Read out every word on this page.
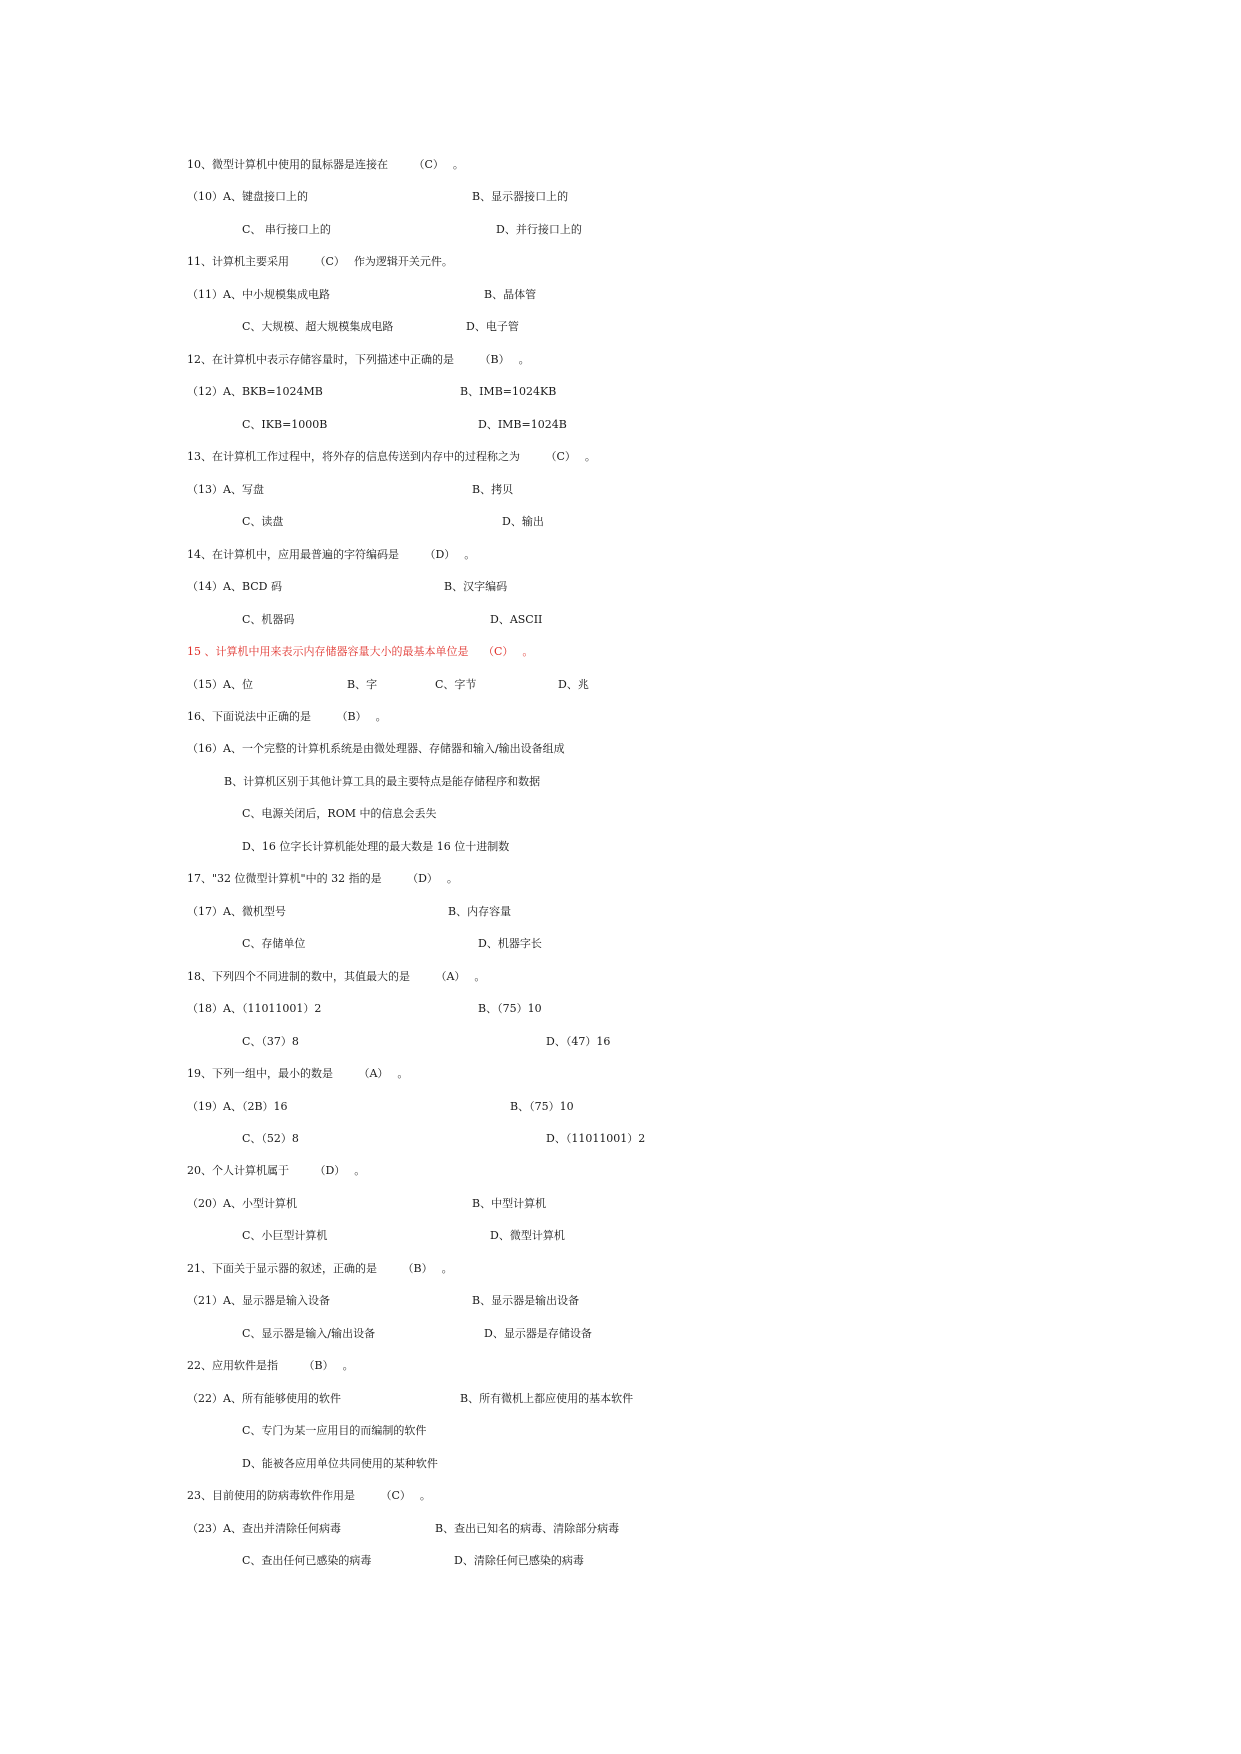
10、微型计算机中使用的鼠标器是连接在　　 （C）　 。
（10）A、键盘接口上的	B、显示器接口上的
C、 串行接口上的	D、并行接口上的
11、计算机主要采用　　 （C）　 作为逻辑开关元件。
（11）A、中小规模集成电路	B、晶体管
C、大规模、超大规模集成电路	D、电子管
12、在计算机中表示存储容量时，下列描述中正确的是　　 （B）　 。
（12）A、BKB=1024MB	B、IMB=1024KB
C、IKB=1000B	D、IMB=1024B
13、在计算机工作过程中，将外存的信息传送到内存中的过程称之为　　 （C）　 。
（13）A、写盘	B、拷贝
C、读盘	D、输出
14、在计算机中，应用最普遍的字符编码是　　 （D）　 。
（14）A、BCD 码	B、汉字编码
C、机器码	D、ASCII
15 、计算机中用来表示内存储器容量大小的最基本单位是　 （C）　 。
（15）A、位	B、字	C、字节	D、兆
16、下面说法中正确的是　　 （B）　 。
（16）A、一个完整的计算机系统是由微处理器、存储器和输入/输出设备组成
B、计算机区别于其他计算工具的最主要特点是能存储程序和数据
C、电源关闭后，ROM 中的信息会丢失
D、16 位字长计算机能处理的最大数是 16 位十进制数
17、"32 位微型计算机"中的 32 指的是　　 （D）　 。
（17）A、微机型号	B、内存容量
C、存储单位	D、机器字长
18、下列四个不同进制的数中，其值最大的是　　 （A）　 。
（18）A、（11011001）2	B、（75）10
C、（37）8	D、（47）16
19、下列一组中，最小的数是　　 （A）　 。
（19）A、（2B）16	B、（75）10
C、（52）8	D、（11011001）2
20、个人计算机属于　　 （D）　 。
（20）A、小型计算机	B、中型计算机
C、小巨型计算机	D、微型计算机
21、下面关于显示器的叙述，正确的是　　 （B）　 。
（21）A、显示器是输入设备	B、显示器是输出设备
C、显示器是输入/输出设备	D、显示器是存储设备
22、应用软件是指　　 （B）　 。
（22）A、所有能够使用的软件	B、所有微机上都应使用的基本软件
C、专门为某一应用目的而编制的软件
D、能被各应用单位共同使用的某种软件
23、目前使用的防病毒软件作用是　　 （C）　 。
（23）A、查出并清除任何病毒	B、查出已知名的病毒、清除部分病毒
C、查出任何已感染的病毒	D、清除任何已感染的病毒
